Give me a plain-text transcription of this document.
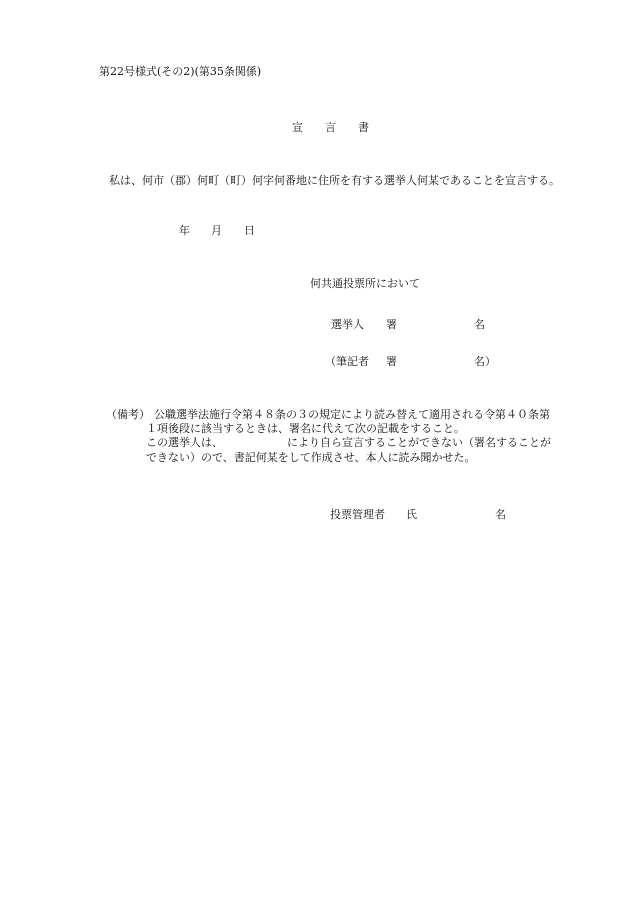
第22号様式(その2)(第35条関係)
宣　　言　　書
私は、何市（郡）何町（町）何字何番地に住所を有する選挙人何某であることを宣言する。
年 月 日
何共通投票所において
選挙人 署	名
（筆記者 署	名）
（備考） 公職選挙法施行令第４８条の３の規定により読み替えて適用される令第４０条第
１項後段に該当するときは、署名に代えて次の記載をすること。
この選挙人は、	により自ら宣言することができない（署名することが
できない）ので、書記何某をして作成させ、本人に読み聞かせた。
投票管理者 氏	名
